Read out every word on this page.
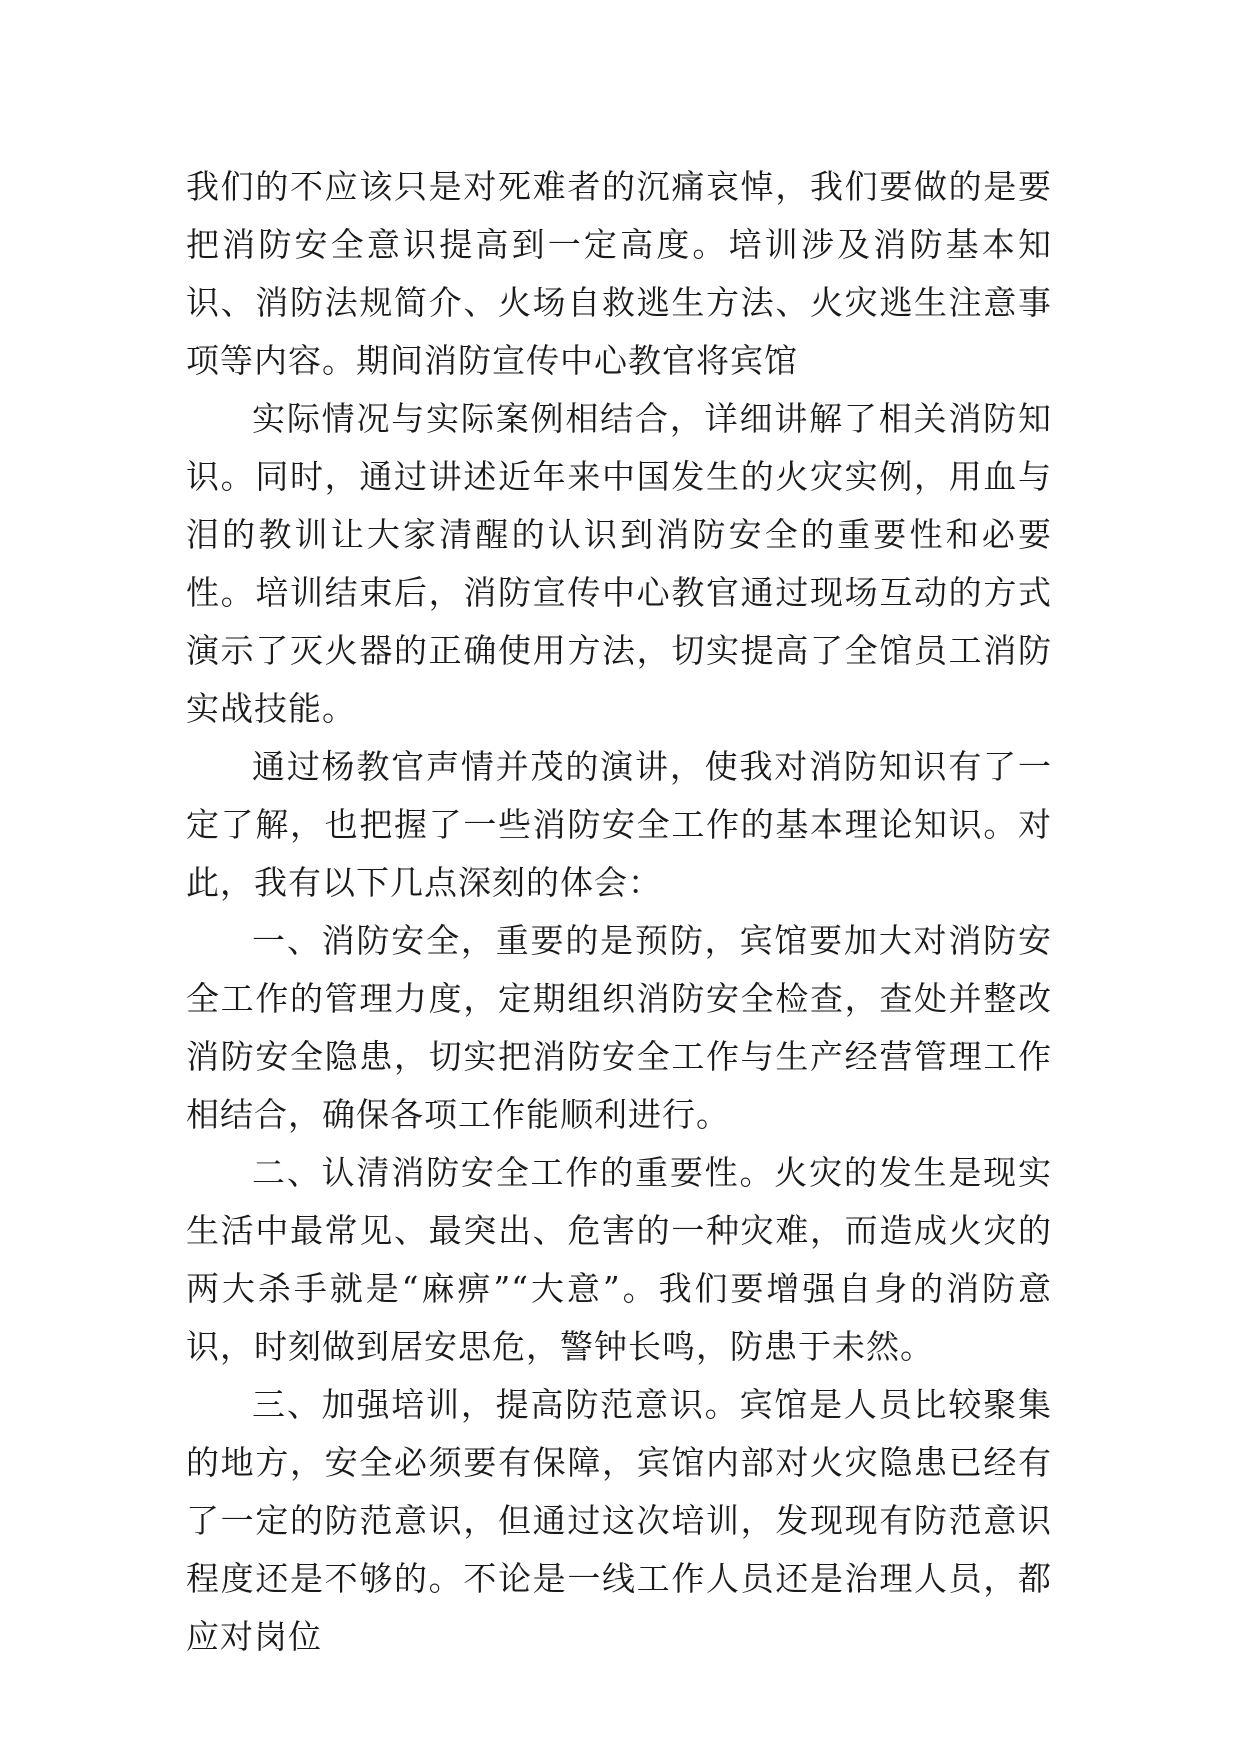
我们的不应该只是对死难者的沉痛哀悼，我们要做的是要把消防安全意识提高到一定高度。培训涉及消防基本知识、消防法规简介、火场自救逃生方法、火灾逃生注意事项等内容。期间消防宣传中心教官将宾馆

实际情况与实际案例相结合，详细讲解了相关消防知识。同时，通过讲述近年来中国发生的火灾实例，用血与泪的教训让大家清醒的认识到消防安全的重要性和必要性。培训结束后，消防宣传中心教官通过现场互动的方式演示了灭火器的正确使用方法，切实提高了全馆员工消防实战技能。

通过杨教官声情并茂的演讲，使我对消防知识有了一定了解，也把握了一些消防安全工作的基本理论知识。对此，我有以下几点深刻的体会：

一、消防安全，重要的是预防，宾馆要加大对消防安全工作的管理力度，定期组织消防安全检查，查处并整改消防安全隐患，切实把消防安全工作与生产经营管理工作相结合，确保各项工作能顺利进行。

二、认清消防安全工作的重要性。火灾的发生是现实生活中最常见、最突出、危害的一种灾难，而造成火灾的两大杀手就是“麻痹”“大意”。我们要增强自身的消防意识，时刻做到居安思危，警钟长鸣，防患于未然。

三、加强培训，提高防范意识。宾馆是人员比较聚集的地方，安全必须要有保障，宾馆内部对火灾隐患已经有了一定的防范意识，但通过这次培训，发现现有防范意识程度还是不够的。不论是一线工作人员还是治理人员，都应对岗位
